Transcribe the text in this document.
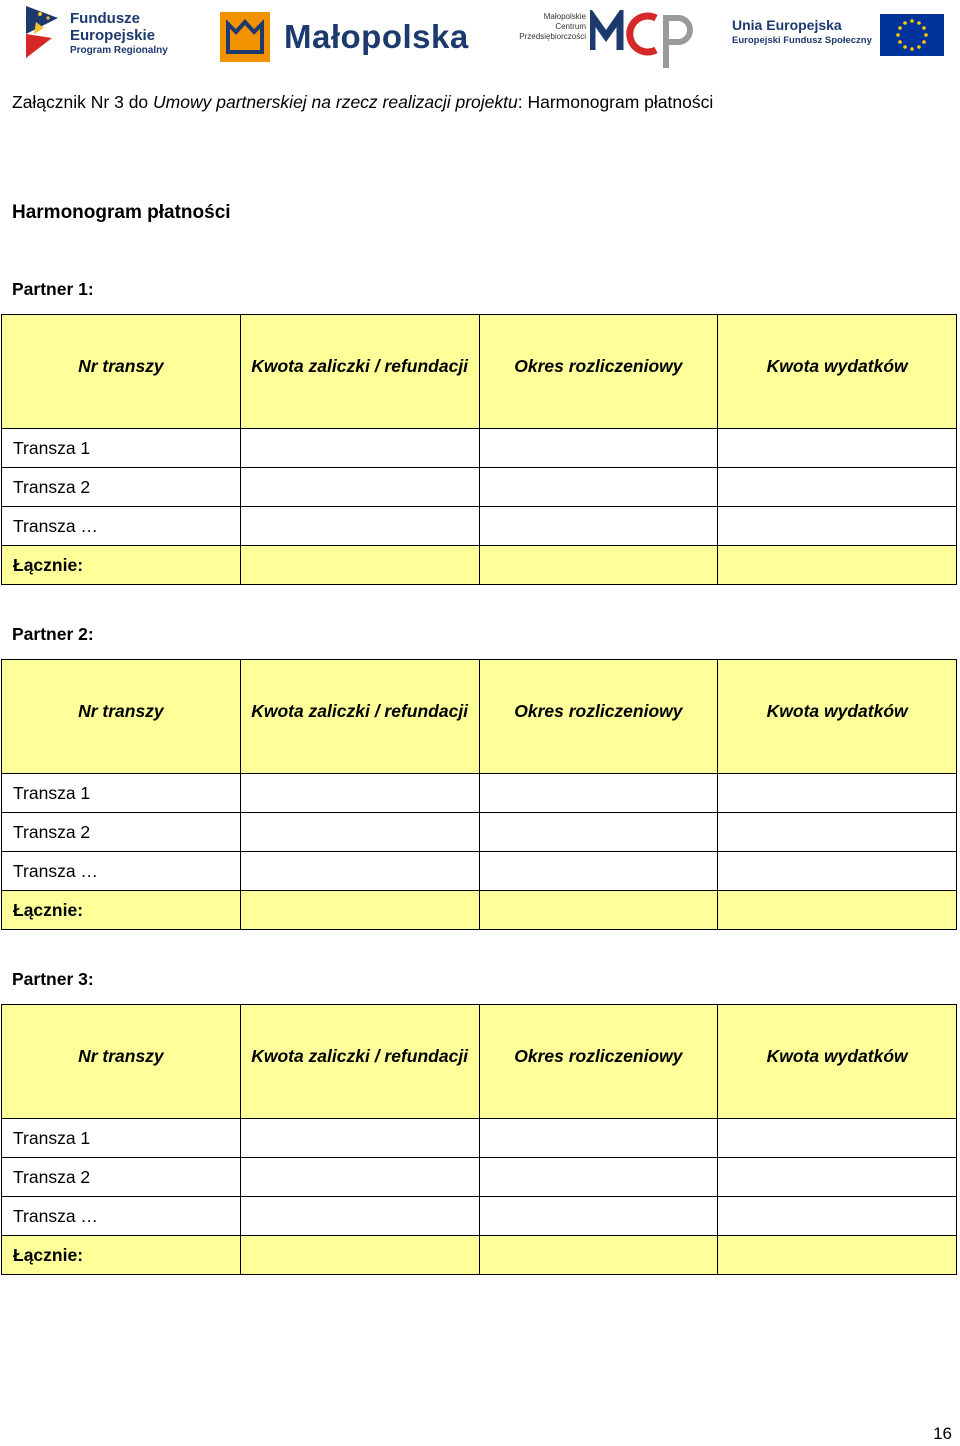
Fundusze
Europejskie
Program Regionalny	Małopolska
Małopolskie
Centrum
Przedsiębiorczości
Unia Europejska
Europejski Fundusz Społeczny
Załącznik Nr 3 do Umowy partnerskiej na rzecz realizacji projektu: Harmonogram płatności
Harmonogram płatności
Partner 1:
Nr transzy	Kwota zaliczki / refundacji	Okres rozliczeniowy	Kwota wydatków
Transza 1			
Transza 2			
Transza …			
Łącznie:			
Partner 2:
Nr transzy	Kwota zaliczki / refundacji	Okres rozliczeniowy	Kwota wydatków
Transza 1			
Transza 2			
Transza …			
Łącznie:			
Partner 3:
Nr transzy	Kwota zaliczki / refundacji	Okres rozliczeniowy	Kwota wydatków
Transza 1			
Transza 2			
Transza …			
Łącznie:			
16
